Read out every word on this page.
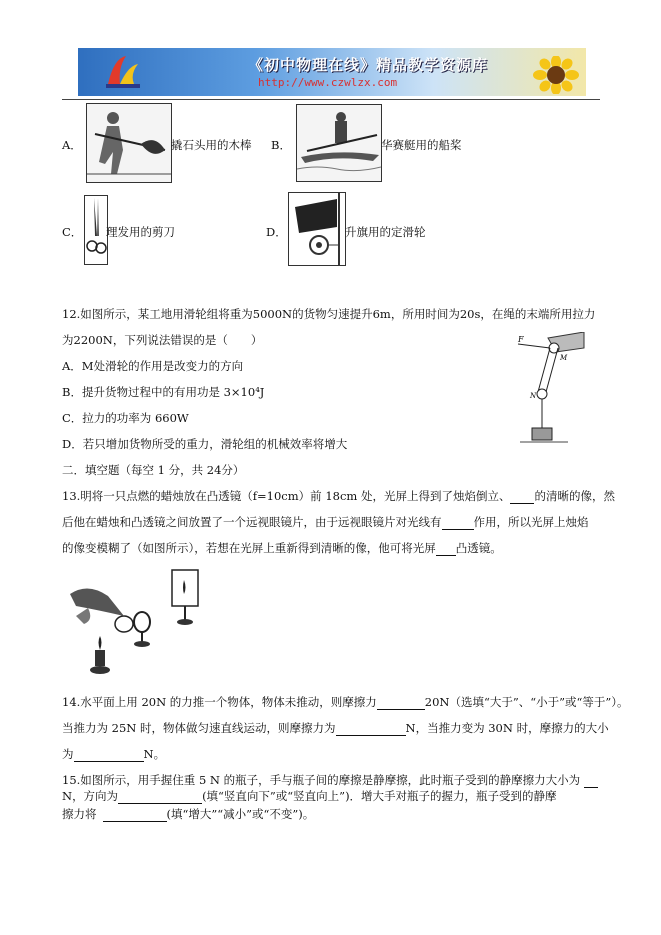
《初中物理在线》精品教学资源库
http://www.czwlzx.com
A．	撬石头用的木棒 B．	华赛艇用的船桨
C． 理发用的剪刀	D．	升旗用的定滑轮
12.如图所示，某工地用滑轮组将重为5000N的货物匀速提升6m，所用时间为20s，在绳的末端所用拉力
为2200N，下列说法错误的是（　　）
A．M处滑轮的作用是改变力的方向
B．提升货物过程中的有用功是 3×10⁴J
C．拉力的功率为 660W
D．若只增加货物所受的重力，滑轮组的机械效率将增大
F
M
N
二．填空题（每空 1 分，共 24分）
13.明将一只点燃的蜡烛放在凸透镜（f=10cm）前 18cm 处，光屏上得到了烛焰倒立、 的清晰的像，然
后他在蜡烛和凸透镜之间放置了一个远视眼镜片，由于远视眼镜片对光线有	作用，所以光屏上烛焰
的像变模糊了（如图所示），若想在光屏上重新得到清晰的像，他可将光屏 凸透镜。
14.水平面上用 20N 的力推一个物体，物体未推动，则摩擦力	20N（选填“大于”、“小于”或“等于”）。
当推力为 25N 时，物体做匀速直线运动，则摩擦力为	N，当推力变为 30N 时，摩擦力的大小
为	N。
15.如图所示，用手握住重 5 N 的瓶子，手与瓶子间的摩擦是静摩擦，此时瓶子受到的静摩擦力大小为
N，方向为	(填“竖直向下”或“竖直向上”)．增大手对瓶子的握力，瓶子受到的静摩
擦力将	(填“增大”“减小”或“不变”)。
